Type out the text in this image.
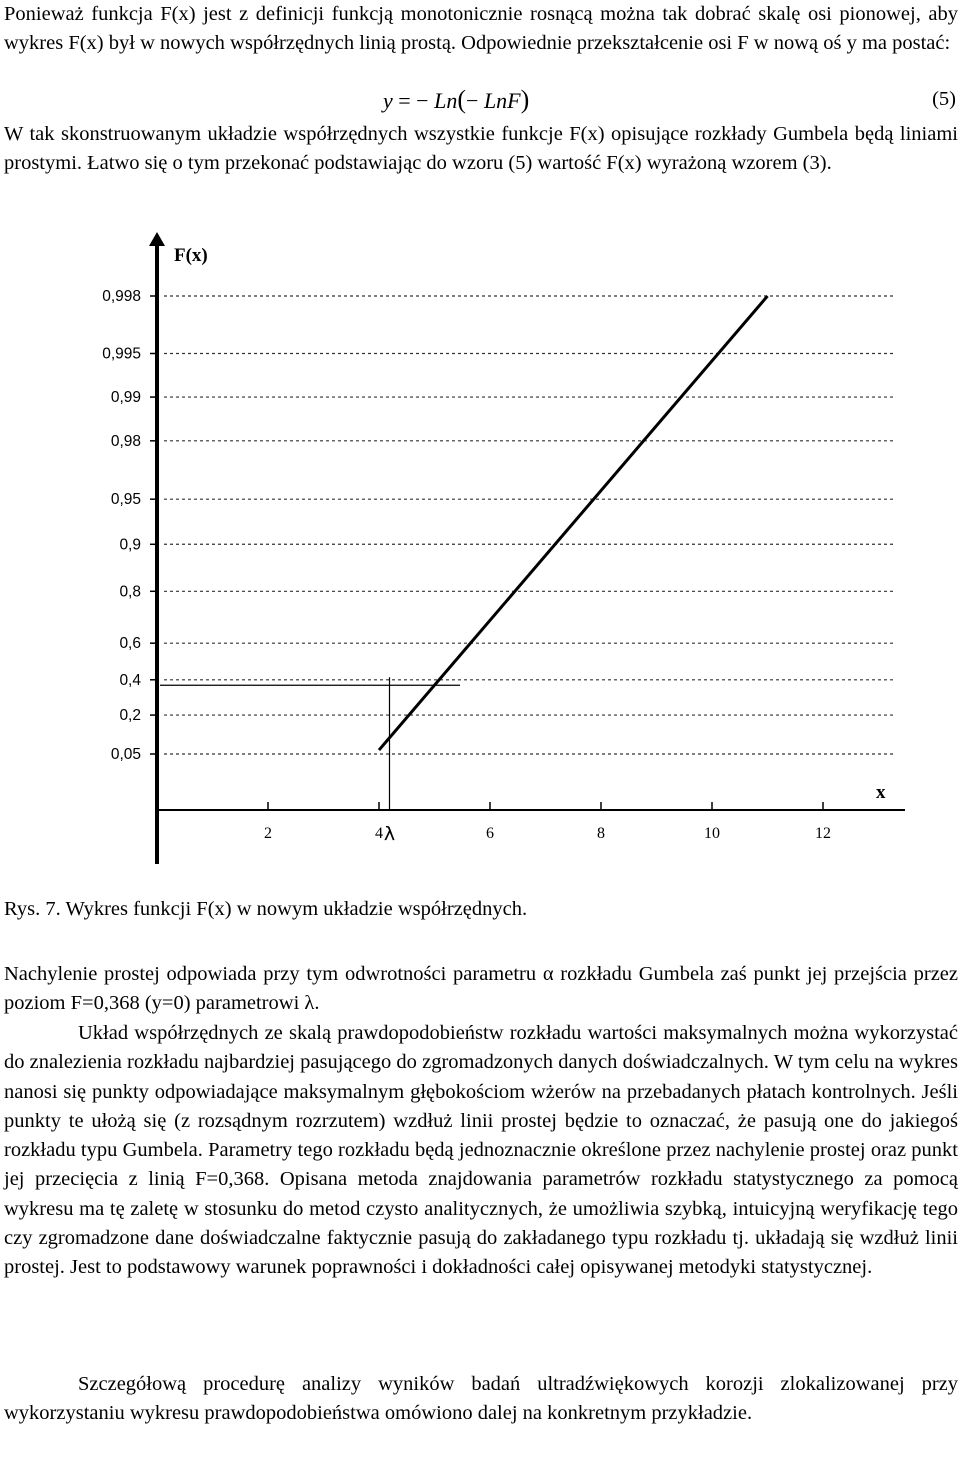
Ponieważ funkcja F(x) jest z definicji funkcją monotonicznie rosnącą można tak dobrać skalę osi pionowej, aby wykres F(x) był w nowych współrzędnych linią prostą. Odpowiednie przekształcenie osi F w nową oś y ma postać:

y = − Ln(− LnF)	(5)

W tak skonstruowanym układzie współrzędnych wszystkie funkcje F(x) opisujące rozkłady Gumbela będą liniami prostymi. Łatwo się o tym przekonać podstawiając do wzoru (5) wartość F(x) wyrażoną wzorem (3).

0,998
0,995
0,99
0,98
0,95
0,9
0,8
0,6
0,4
0,2
0,05
2	4	6	8	10	12
F(x)
x
λ

Rys. 7. Wykres funkcji F(x) w nowym układzie współrzędnych.

Nachylenie prostej odpowiada przy tym odwrotności parametru α rozkładu Gumbela zaś punkt jej przejścia przez poziom F=0,368 (y=0) parametrowi λ.

Układ współrzędnych ze skalą prawdopodobieństw rozkładu wartości maksymalnych można wykorzystać do znalezienia rozkładu najbardziej pasującego do zgromadzonych danych doświadczalnych. W tym celu na wykres nanosi się punkty odpowiadające maksymalnym głębokościom wżerów na przebadanych płatach kontrolnych. Jeśli punkty te ułożą się (z rozsądnym rozrzutem) wzdłuż linii prostej będzie to oznaczać, że pasują one do jakiegoś rozkładu typu Gumbela. Parametry tego rozkładu będą jednoznacznie określone przez nachylenie prostej oraz punkt jej przecięcia z linią F=0,368. Opisana metoda znajdowania parametrów rozkładu statystycznego za pomocą wykresu ma tę zaletę w stosunku do metod czysto analitycznych, że umożliwia szybką, intuicyjną weryfikację tego czy zgromadzone dane doświadczalne faktycznie pasują do zakładanego typu rozkładu tj. układają się wzdłuż linii prostej. Jest to podstawowy warunek poprawności i dokładności całej opisywanej metodyki statystycznej.

Szczegółową procedurę analizy wyników badań ultradźwiękowych korozji zlokalizowanej przy wykorzystaniu wykresu prawdopodobieństwa omówiono dalej na konkretnym przykładzie.
